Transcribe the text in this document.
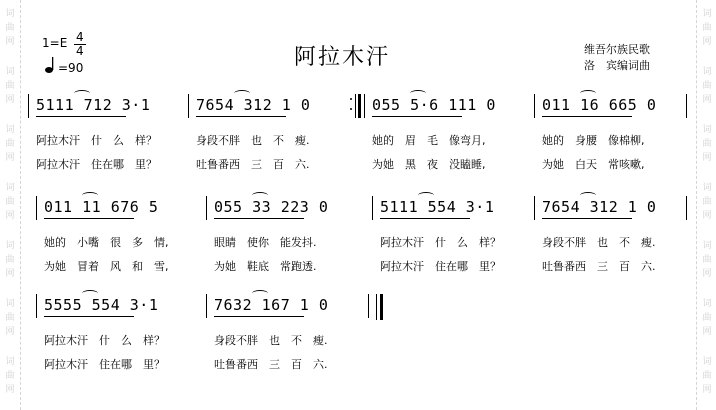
词
曲
网
词
曲
网
词
曲
网
词
曲
网
词
曲
网
词
曲
网
词
曲
网
词
曲
网
词
曲
网
词
曲
网
词
曲
网
词
曲
网
词
曲
网
词
曲
网
1=E 4
4
=90	阿拉木汗	维吾尔族民歌
洛　宾编词曲
5111 712 3·1
阿拉木汗　什　么　样？
阿拉木汗　住在哪　里？
7654 312 1 0
身段不胖　也　不　瘦.
吐鲁番西　三　百　六.
055 5·6 111 0
她的　眉　毛　像弯月,
为她　黑　夜　没瞌睡,
011 16 665 0
她的　身腰　像棉柳,
为她　白天　常咳嗽,
011 11 676 5
她的　小嘴　很　多　情,
为她　冒着　风　和　雪,
055 33 223 0
眼睛　使你　能发抖.
为她　鞋底　常跑透.
5111 554 3·1
阿拉木汗　什　么　样？
阿拉木汗　住在哪　里？
7654 312 1 0
身段不胖　也　不　瘦.
吐鲁番西　三　百　六.
5555 554 3·1
阿拉木汗　什　么　样？
阿拉木汗　住在哪　里？
7632 167 1 0
身段不胖　也　不　瘦.
吐鲁番西　三　百　六.
